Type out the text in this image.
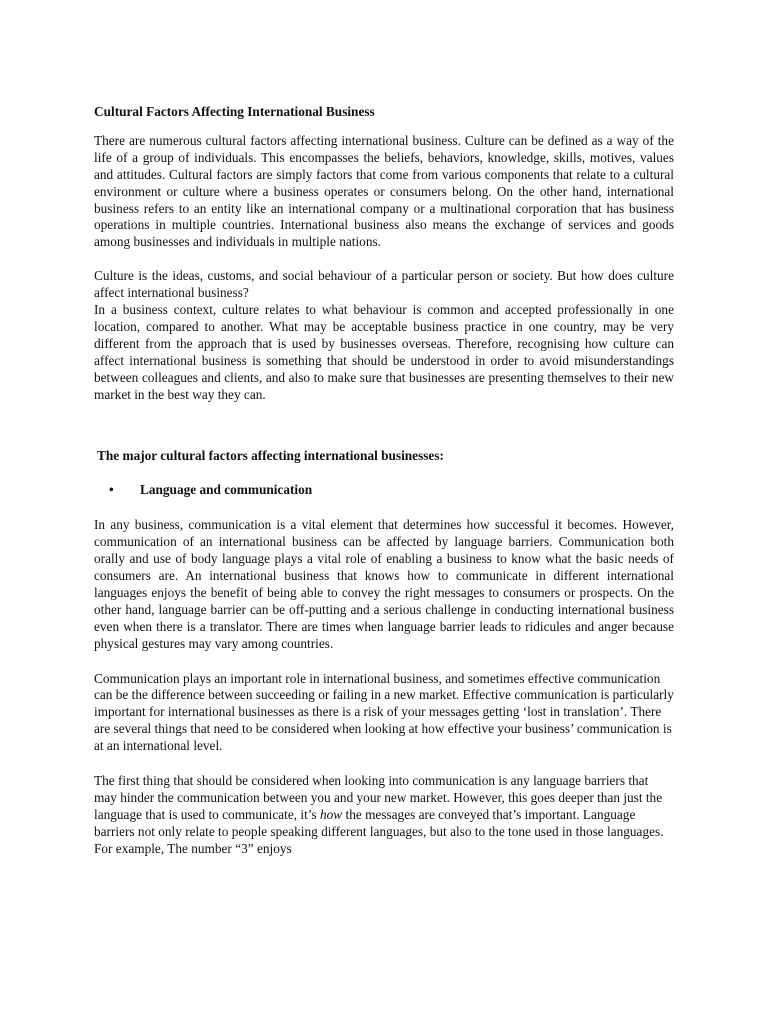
Cultural Factors Affecting International Business

There are numerous cultural factors affecting international business. Culture can be defined as a way of the life of a group of individuals. This encompasses the beliefs, behaviors, knowledge, skills, motives, values and attitudes. Cultural factors are simply factors that come from various components that relate to a cultural environment or culture where a business operates or consumers belong. On the other hand, international business refers to an entity like an international company or a multinational corporation that has business operations in multiple countries. International business also means the exchange of services and goods among businesses and individuals in multiple nations.

Culture is the ideas, customs, and social behaviour of a particular person or society. But how does culture affect international business?

In a business context, culture relates to what behaviour is common and accepted professionally in one location, compared to another. What may be acceptable business practice in one country, may be very different from the approach that is used by businesses overseas. Therefore, recognising how culture can affect international business is something that should be understood in order to avoid misunderstandings between colleagues and clients, and also to make sure that businesses are presenting themselves to their new market in the best way they can.

The major cultural factors affecting international businesses:

•	Language and communication

In any business, communication is a vital element that determines how successful it becomes. However, communication of an international business can be affected by language barriers. Communication both orally and use of body language plays a vital role of enabling a business to know what the basic needs of consumers are. An international business that knows how to communicate in different international languages enjoys the benefit of being able to convey the right messages to consumers or prospects. On the other hand, language barrier can be off-putting and a serious challenge in conducting international business even when there is a translator. There are times when language barrier leads to ridicules and anger because physical gestures may vary among countries.

Communication plays an important role in international business, and sometimes effective communication can be the difference between succeeding or failing in a new market. Effective communication is particularly important for international businesses as there is a risk of your messages getting ‘lost in translation’. There are several things that need to be considered when looking at how effective your business’ communication is at an international level.

The first thing that should be considered when looking into communication is any language barriers that may hinder the communication between you and your new market. However, this goes deeper than just the language that is used to communicate, it’s how the messages are conveyed that’s important. Language barriers not only relate to people speaking different languages, but also to the tone used in those languages. For example, The number “3” enjoys
